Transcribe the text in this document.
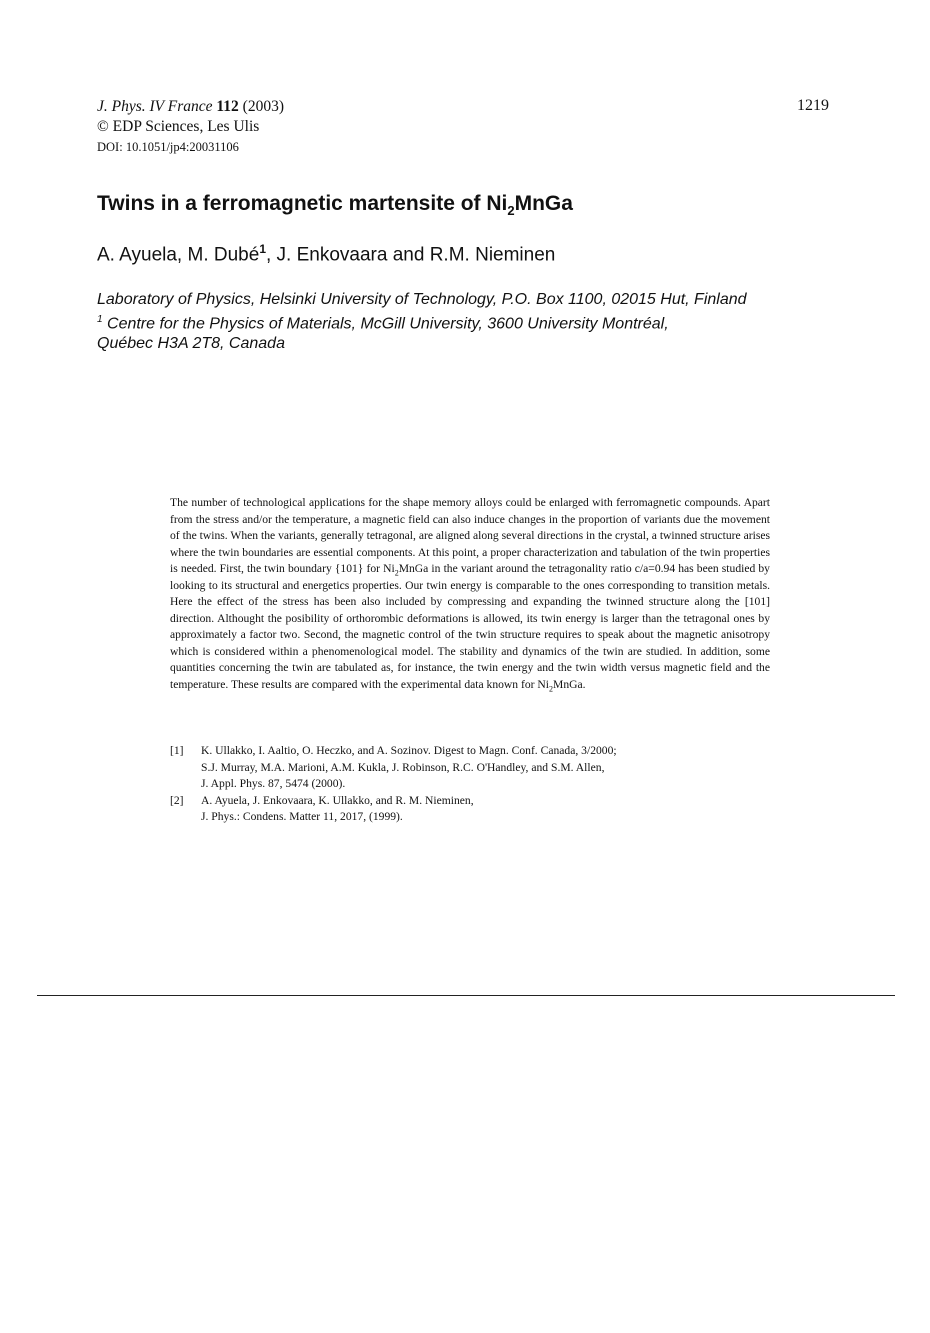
J. Phys. IV France 112 (2003)
© EDP Sciences, Les Ulis
DOI: 10.1051/jp4:20031106
1219
Twins in a ferromagnetic martensite of $Ni_2MnGa$

A. Ayuela, M. Dubé$^1$, J. Enkovaara and R.M. Nieminen

Laboratory of Physics, Helsinki University of Technology, P.O. Box 1100, 02015 Hut, Finland
$^1$ Centre for the Physics of Materials, McGill University, 3600 University Montréal,
Québec H3A 2T8, Canada

The number of technological applications for the shape memory alloys could be enlarged with ferromagnetic compounds. Apart from the stress and/or the temperature, a magnetic field can also induce changes in the proportion of variants due the movement of the twins. When the variants, generally tetragonal, are aligned along several directions in the crystal, a twinned structure arises where the twin boundaries are essential components. At this point, a proper characterization and tabulation of the twin properties is needed. First, the twin boundary {101} for $Ni_2MnGa$ in the variant around the tetragonality ratio c/a=0.94 has been studied by looking to its structural and energetics properties. Our twin energy is comparable to the ones corresponding to transition metals. Here the effect of the stress has been also included by compressing and expanding the twinned structure along the [101] direction. Althought the posibility of orthorombic deformations is allowed, its twin energy is larger than the tetragonal ones by approximately a factor two. Second, the magnetic control of the twin structure requires to speak about the magnetic anisotropy which is considered within a phenomenological model. The stability and dynamics of the twin are studied. In addition, some quantities concerning the twin are tabulated as, for instance, the twin energy and the twin width versus magnetic field and the temperature. These results are compared with the experimental data known for $Ni_2MnGa$.

[1]	K. Ullakko, I. Aaltio, O. Heczko, and A. Sozinov. Digest to Magn. Conf. Canada, 3/2000;
S.J. Murray, M.A. Marioni, A.M. Kukla, J. Robinson, R.C. O'Handley, and S.M. Allen,
J. Appl. Phys. 87, 5474 (2000).
[2]	A. Ayuela, J. Enkovaara, K. Ullakko, and R. M. Nieminen,
J. Phys.: Condens. Matter 11, 2017, (1999).
